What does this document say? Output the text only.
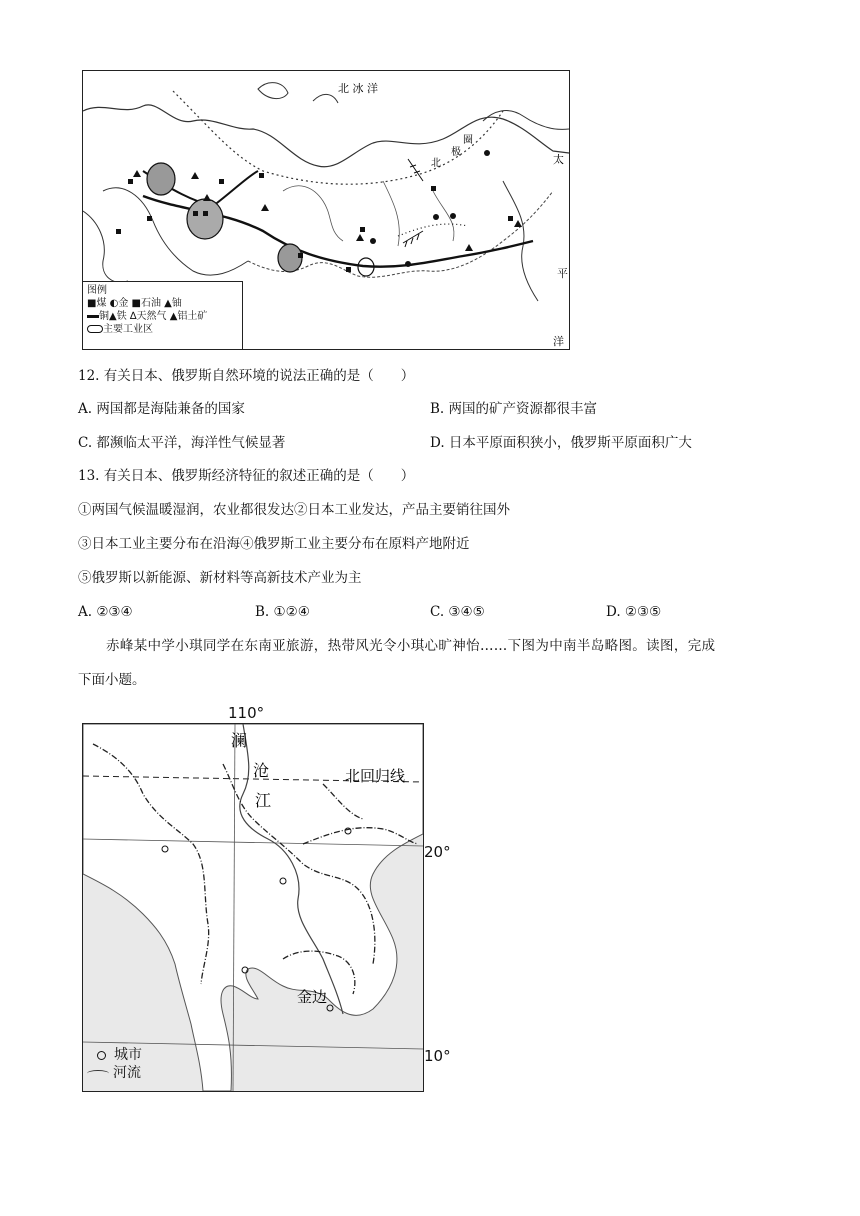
北 冰 洋
北
极
圈
太
平
洋
图例
■煤 ◐金 ■石油 ▲铀
铜▲铁 ∆天然气 ▲铝土矿
主要工业区
12. 有关日本、俄罗斯自然环境的说法正确的是（　　）
A. 两国都是海陆兼备的国家	B. 两国的矿产资源都很丰富
C. 都濒临太平洋，海洋性气候显著	D. 日本平原面积狭小，俄罗斯平原面积广大
13. 有关日本、俄罗斯经济特征的叙述正确的是（　　）
①两国气候温暖湿润，农业都很发达②日本工业发达，产品主要销往国外
③日本工业主要分布在沿海④俄罗斯工业主要分布在原料产地附近
⑤俄罗斯以新能源、新材料等高新技术产业为主
A. ②③④	B. ①②④	C. ③④⑤	D. ②③⑤
赤峰某中学小琪同学在东南亚旅游，热带风光令小琪心旷神怡……下图为中南半岛略图。读图，完成
下面小题。
110°
20°
10°
澜
沧
江
北回归线
金边
城市
河流
